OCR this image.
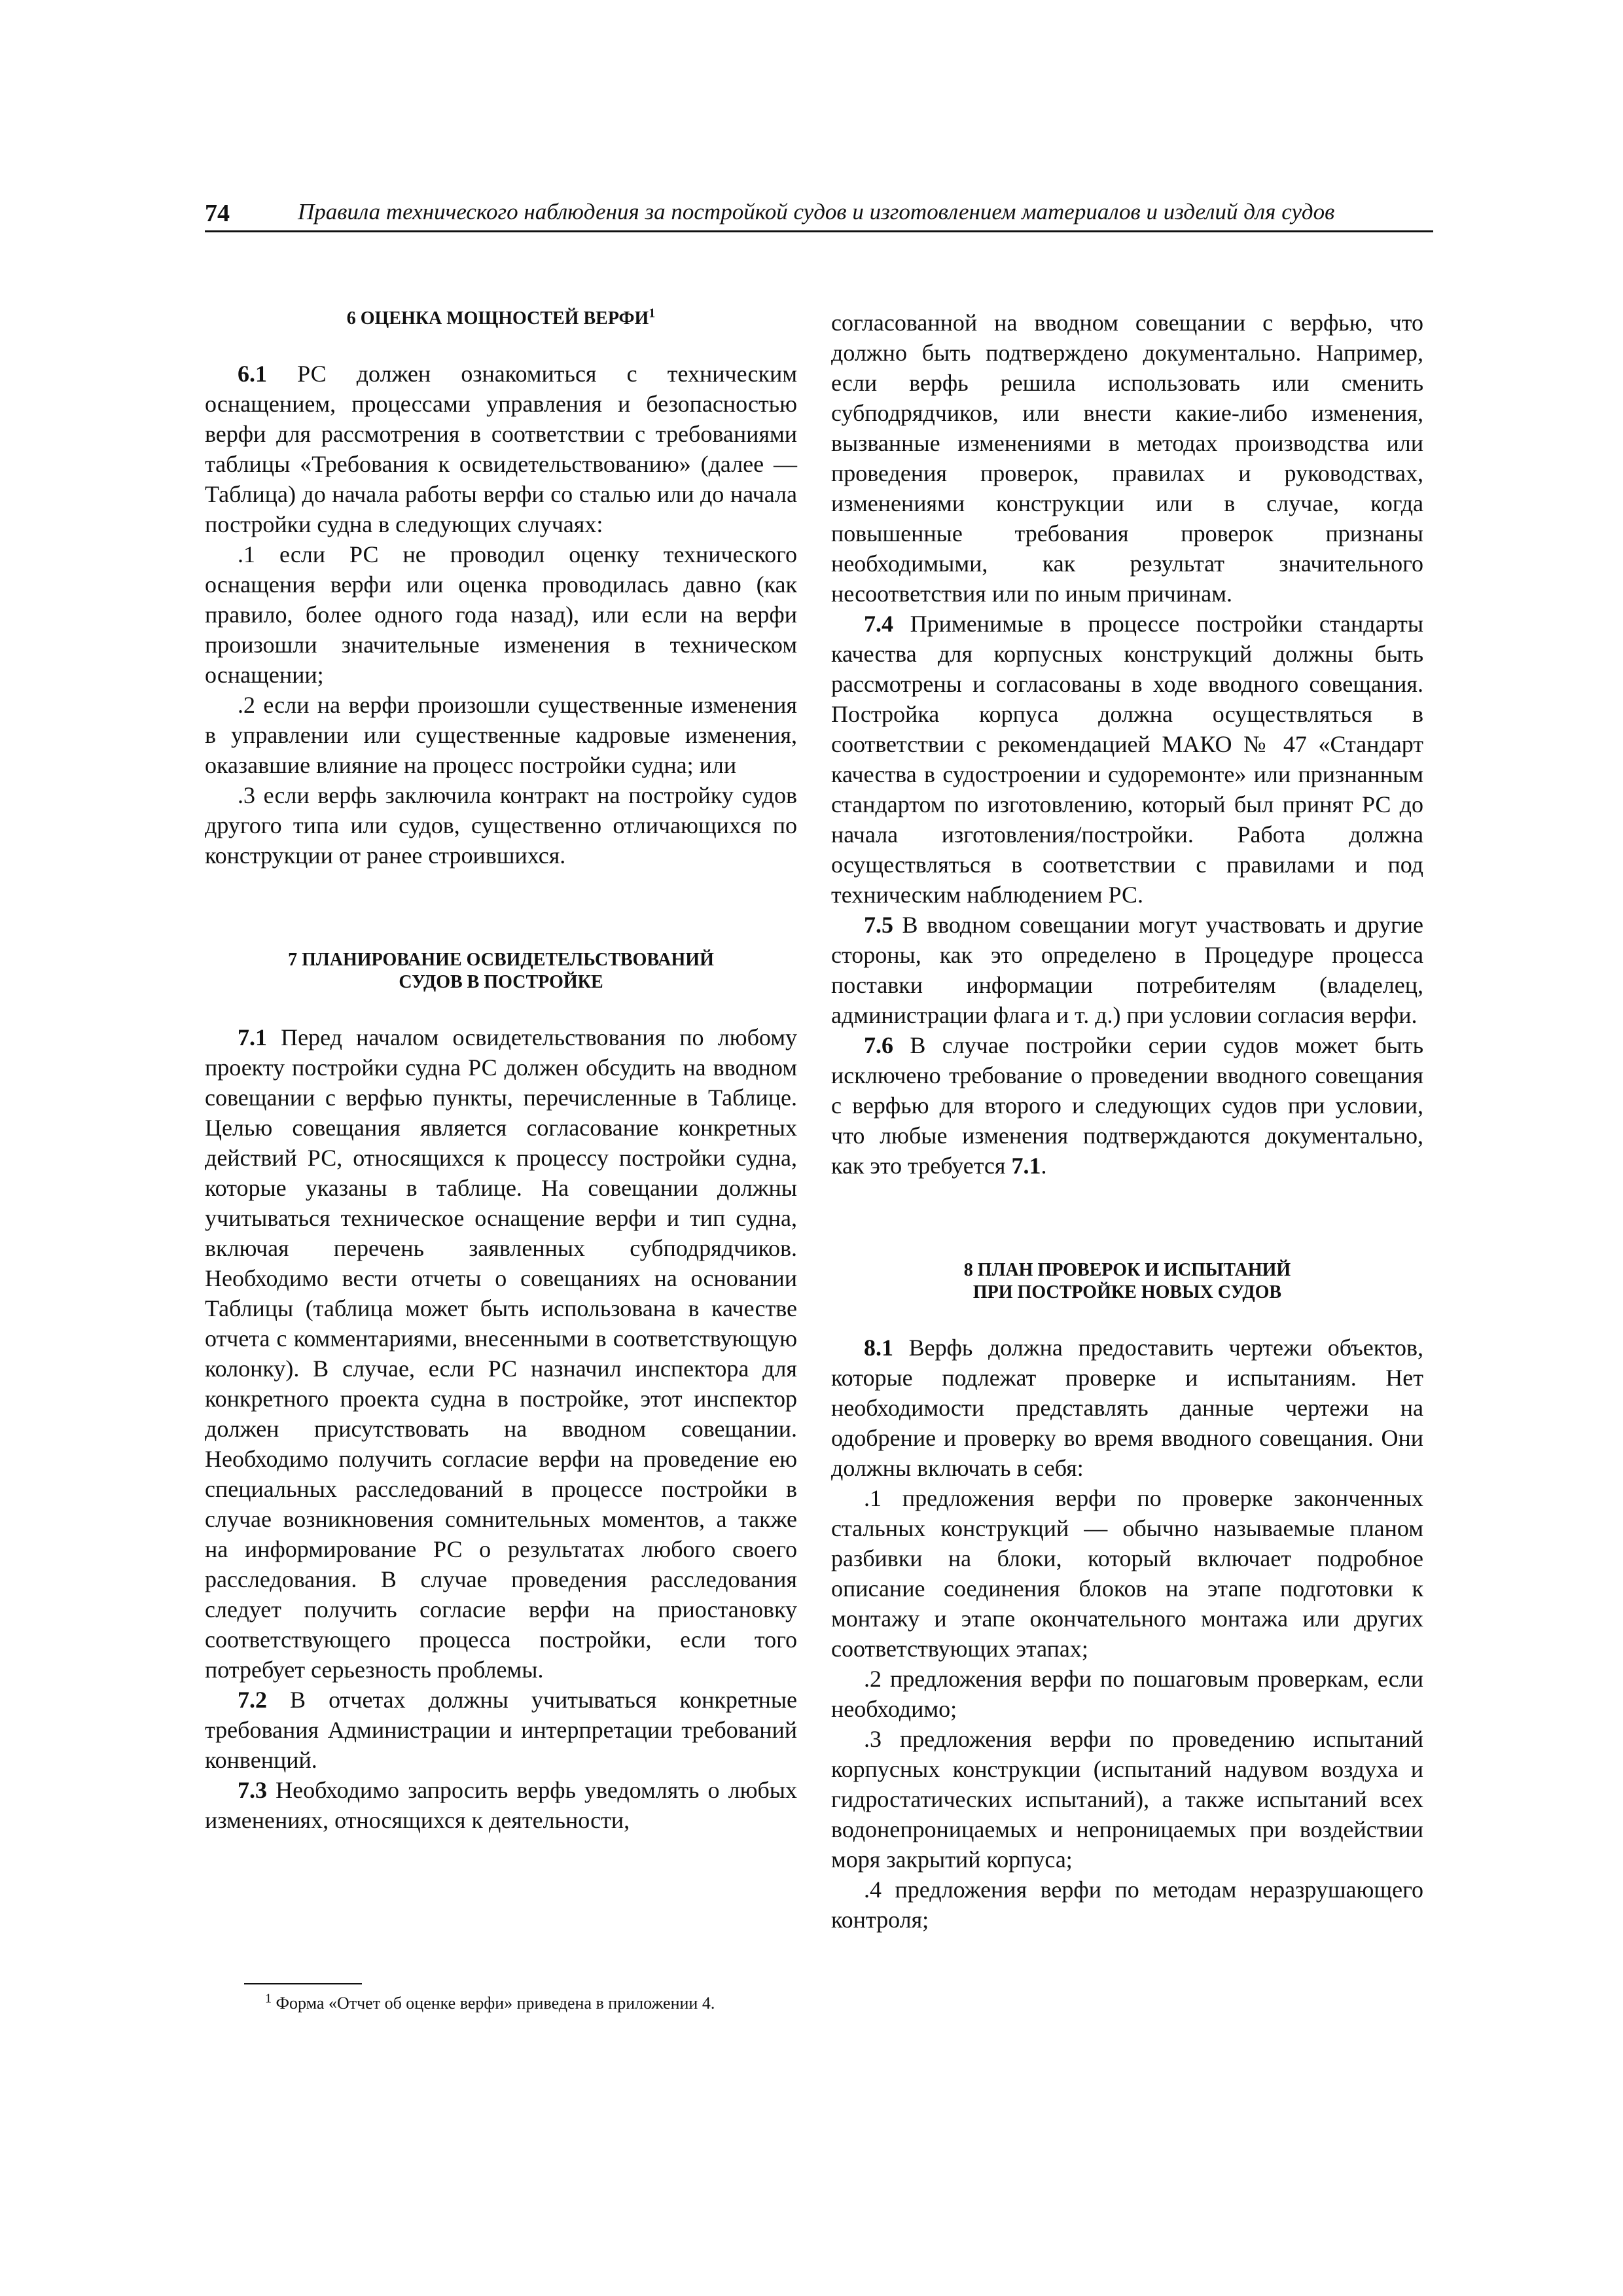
74	Правила технического наблюдения за постройкой судов и изготовлением материалов и изделий для судов

6 ОЦЕНКА МОЩНОСТЕЙ ВЕРФИ$^1$

6.1 РС должен ознакомиться с техническим оснащением, процессами управления и безопасностью верфи для рассмотрения в соответствии с требованиями таблицы «Требования к освидетельствованию» (далее — Таблица) до начала работы верфи со сталью или до начала постройки судна в следующих случаях:

.1 если РС не проводил оценку технического оснащения верфи или оценка проводилась давно (как правило, более одного года назад), или если на верфи произошли значительные изменения в техническом оснащении;

.2 если на верфи произошли существенные изменения в управлении или существенные кадровые изменения, оказавшие влияние на процесс постройки судна; или

.3 если верфь заключила контракт на постройку судов другого типа или судов, существенно отличающихся по конструкции от ранее строившихся.

7 ПЛАНИРОВАНИЕ ОСВИДЕТЕЛЬСТВОВАНИЙ
СУДОВ В ПОСТРОЙКЕ

7.1 Перед началом освидетельствования по любому проекту постройки судна РС должен обсудить на вводном совещании с верфью пункты, перечисленные в Таблице. Целью совещания является согласование конкретных действий РС, относящихся к процессу постройки судна, которые указаны в таблице. На совещании должны учитываться техническое оснащение верфи и тип судна, включая перечень заявленных субподрядчиков. Необходимо вести отчеты о совещаниях на основании Таблицы (таблица может быть использована в качестве отчета с комментариями, внесенными в соответствующую колонку). В случае, если РС назначил инспектора для конкретного проекта судна в постройке, этот инспектор должен присутствовать на вводном совещании. Необходимо получить согласие верфи на проведение ею специальных расследований в процессе постройки в случае возникновения сомнительных моментов, а также на информирование РС о результатах любого своего расследования. В случае проведения расследования следует получить согласие верфи на приостановку соответствующего процесса постройки, если того потребует серьезность проблемы.

7.2 В отчетах должны учитываться конкретные требования Администрации и интерпретации требований конвенций.

7.3 Необходимо запросить верфь уведомлять о любых изменениях, относящихся к деятельности,

согласованной на вводном совещании с верфью, что должно быть подтверждено документально. Например, если верфь решила использовать или сменить субподрядчиков, или внести какие-либо изменения, вызванные изменениями в методах производства или проведения проверок, правилах и руководствах, изменениями конструкции или в случае, когда повышенные требования проверок признаны необходимыми, как результат значительного несоответствия или по иным причинам.

7.4 Применимые в процессе постройки стандарты качества для корпусных конструкций должны быть рассмотрены и согласованы в ходе вводного совещания. Постройка корпуса должна осуществляться в соответствии с рекомендацией МАКО № 47 «Стандарт качества в судостроении и судоремонте» или признанным стандартом по изготовлению, который был принят РС до начала изготовления/постройки. Работа должна осуществляться в соответствии с правилами и под техническим наблюдением РС.

7.5 В вводном совещании могут участвовать и другие стороны, как это определено в Процедуре процесса поставки информации потребителям (владелец, администрации флага и т. д.) при условии согласия верфи.

7.6 В случае постройки серии судов может быть исключено требование о проведении вводного совещания с верфью для второго и следующих судов при условии, что любые изменения подтверждаются документально, как это требуется 7.1.

8 ПЛАН ПРОВЕРОК И ИСПЫТАНИЙ
ПРИ ПОСТРОЙКЕ НОВЫХ СУДОВ

8.1 Верфь должна предоставить чертежи объектов, которые подлежат проверке и испытаниям. Нет необходимости представлять данные чертежи на одобрение и проверку во время вводного совещания. Они должны включать в себя:

.1 предложения верфи по проверке законченных стальных конструкций — обычно называемые планом разбивки на блоки, который включает подробное описание соединения блоков на этапе подготовки к монтажу и этапе окончательного монтажа или других соответствующих этапах;

.2 предложения верфи по пошаговым проверкам, если необходимо;

.3 предложения верфи по проведению испытаний корпусных конструкции (испытаний надувом воздуха и гидростатических испытаний), а также испытаний всех водонепроницаемых и непроницаемых при воздействии моря закрытий корпуса;

.4 предложения верфи по методам неразрушающего контроля;

$^1$ Форма «Отчет об оценке верфи» приведена в приложении 4.
